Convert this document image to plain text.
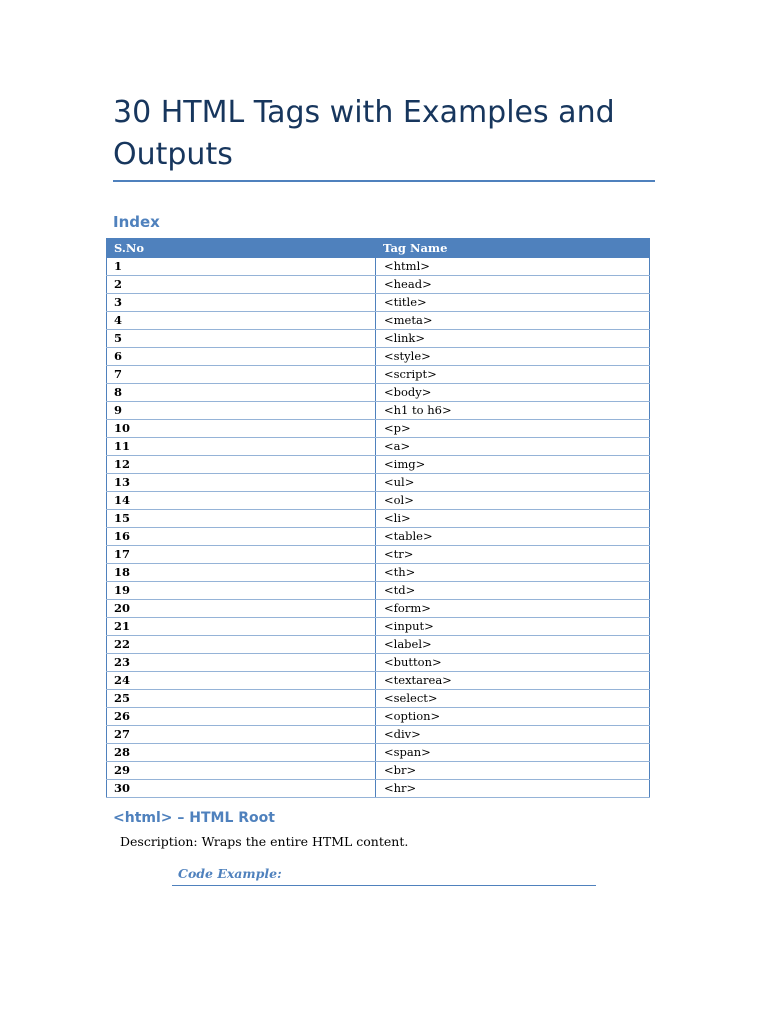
30 HTML Tags with Examples and Outputs
Index
S.No	Tag Name
1	<html>
2	<head>
3	<title>
4	<meta>
5	<link>
6	<style>
7	<script>
8	<body>
9	<h1 to h6>
10	<p>
11	<a>
12	<img>
13	<ul>
14	<ol>
15	<li>
16	<table>
17	<tr>
18	<th>
19	<td>
20	<form>
21	<input>
22	<label>
23	<button>
24	<textarea>
25	<select>
26	<option>
27	<div>
28	<span>
29	<br>
30	<hr>
<html> – HTML Root

Description: Wraps the entire HTML content.

Code Example:
